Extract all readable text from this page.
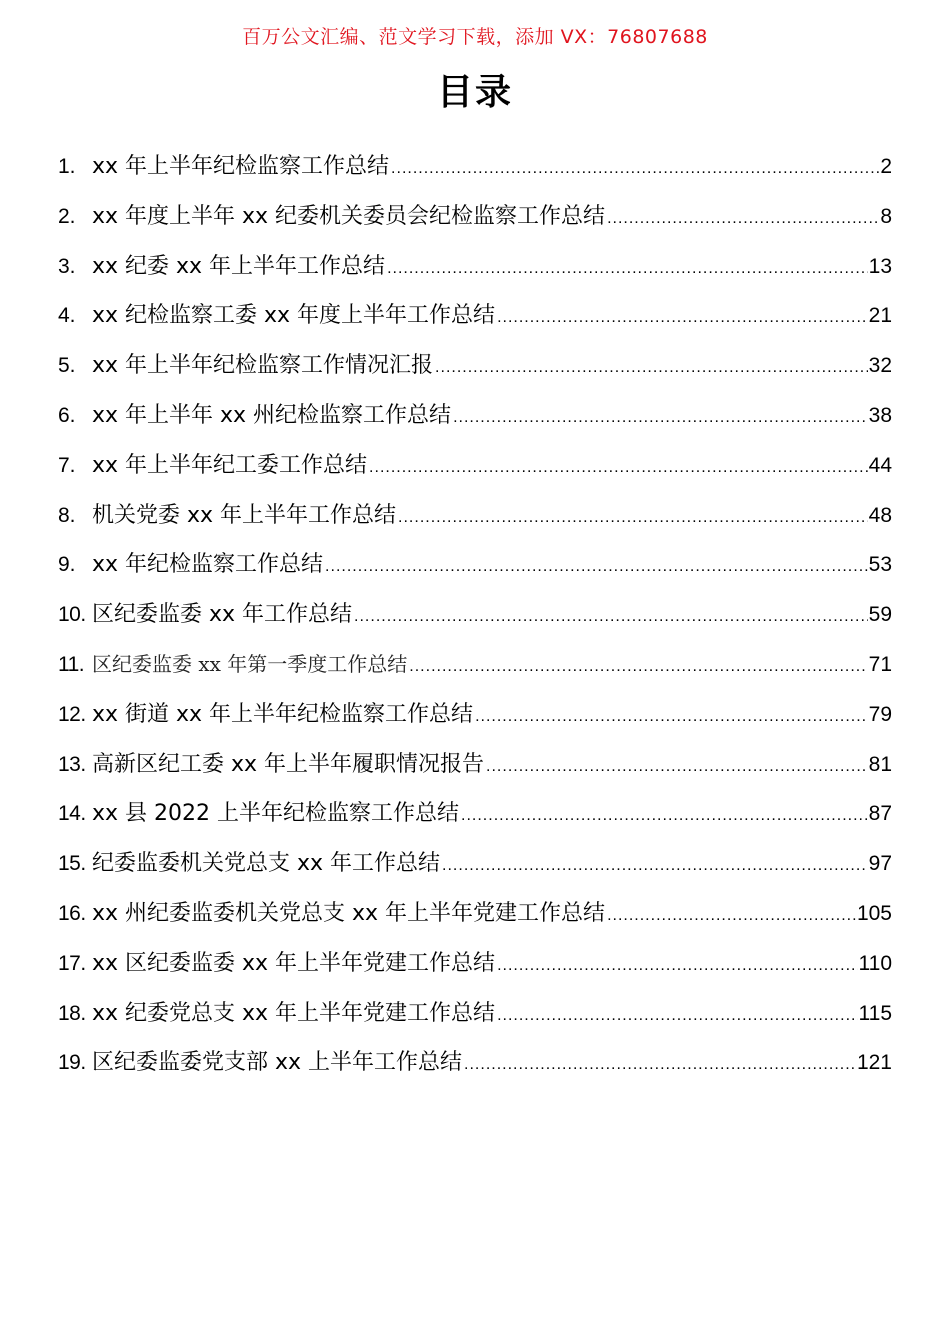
百万公文汇编、范文学习下载，添加 VX：76807688
目录
1. xx 年上半年纪检监察工作总结 .....	2
2. xx 年度上半年 xx 纪委机关委员会纪检监察工作总结 .....	8
3. xx 纪委 xx 年上半年工作总结 .....	13
4. xx 纪检监察工委 xx 年度上半年工作总结 .....	21
5. xx 年上半年纪检监察工作情况汇报 .....	32
6. xx 年上半年 xx 州纪检监察工作总结 .....	38
7. xx 年上半年纪工委工作总结 .....	44
8. 机关党委 xx 年上半年工作总结 .....	48
9. xx 年纪检监察工作总结 .....	53
10. 区纪委监委 xx 年工作总结 .....	59
11. 区纪委监委 xx 年第一季度工作总结 .....	71
12. xx 街道 xx 年上半年纪检监察工作总结 .....	79
13. 高新区纪工委 xx 年上半年履职情况报告 .....	81
14. xx 县 2022 上半年纪检监察工作总结 .....	87
15. 纪委监委机关党总支 xx 年工作总结 .....	97
16. xx 州纪委监委机关党总支 xx 年上半年党建工作总结 .....	105
17. xx 区纪委监委 xx 年上半年党建工作总结 .....	110
18. xx 纪委党总支 xx 年上半年党建工作总结 .....	115
19. 区纪委监委党支部 xx 上半年工作总结 .....	121
